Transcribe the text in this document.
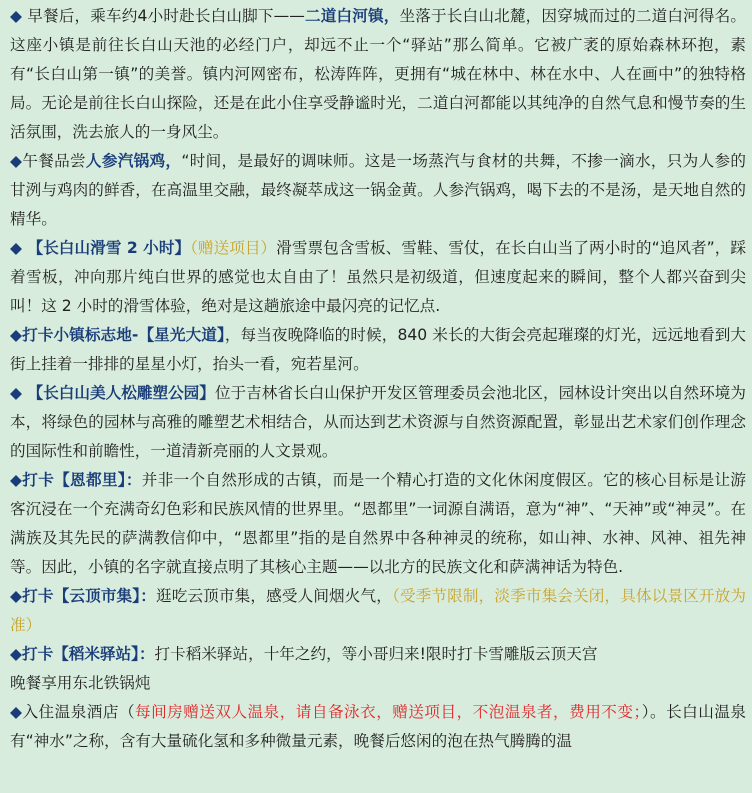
◆ 早餐后，乘车约4小时赴长白山脚下——二道白河镇，坐落于长白山北麓，因穿城而过的二道白河得名。这座小镇是前往长白山天池的必经门户，却远不止一个“驿站”那么简单。它被广袤的原始森林环抱，素有“长白山第一镇”的美誉。镇内河网密布，松涛阵阵，更拥有“城在林中、林在水中、人在画中”的独特格局。无论是前往长白山探险，还是在此小住享受静谧时光，二道白河都能以其纯净的自然气息和慢节奏的生活氛围，洗去旅人的一身风尘。

◆午餐品尝人参汽锅鸡，“时间，是最好的调味师。这是一场蒸汽与食材的共舞，不掺一滴水，只为人参的甘洌与鸡肉的鲜香，在高温里交融，最终凝萃成这一锅金黄。人参汽锅鸡，喝下去的不是汤，是天地自然的精华。

◆ 【长白山滑雪 2 小时】（赠送项目）滑雪票包含雪板、雪鞋、雪仗，在长白山当了两小时的“追风者”，踩着雪板，冲向那片纯白世界的感觉也太自由了！虽然只是初级道，但速度起来的瞬间，整个人都兴奋到尖叫！这 2 小时的滑雪体验，绝对是这趟旅途中最闪亮的记忆点.

◆打卡小镇标志地-【星光大道】，每当夜晚降临的时候，840 米长的大街会亮起璀璨的灯光，远远地看到大街上挂着一排排的星星小灯，抬头一看，宛若星河。

◆ 【长白山美人松雕塑公园】位于吉林省长白山保护开发区管理委员会池北区，园林设计突出以自然环境为本，将绿色的园林与高雅的雕塑艺术相结合，从而达到艺术资源与自然资源配置，彰显出艺术家们创作理念的国际性和前瞻性，一道清新亮丽的人文景观。

◆打卡【恩都里】：并非一个自然形成的古镇，而是一个精心打造的文化休闲度假区。它的核心目标是让游客沉浸在一个充满奇幻色彩和民族风情的世界里。“恩都里”一词源自满语，意为“神”、“天神”或“神灵”。在满族及其先民的萨满教信仰中，“恩都里”指的是自然界中各种神灵的统称，如山神、水神、风神、祖先神等。因此，小镇的名字就直接点明了其核心主题——以北方的民族文化和萨满神话为特色.

◆打卡【云顶市集】：逛吃云顶市集，感受人间烟火气，（受季节限制，淡季市集会关闭，具体以景区开放为准）

◆打卡【稻米驿站】：打卡稻米驿站，十年之约，等小哥归来!限时打卡雪雕版云顶天宫

晚餐享用东北铁锅炖

◆入住温泉酒店（每间房赠送双人温泉，请自备泳衣，赠送项目，不泡温泉者，费用不变；）。长白山温泉有“神水”之称，含有大量硫化氢和多种微量元素，晚餐后悠闲的泡在热气腾腾的温
